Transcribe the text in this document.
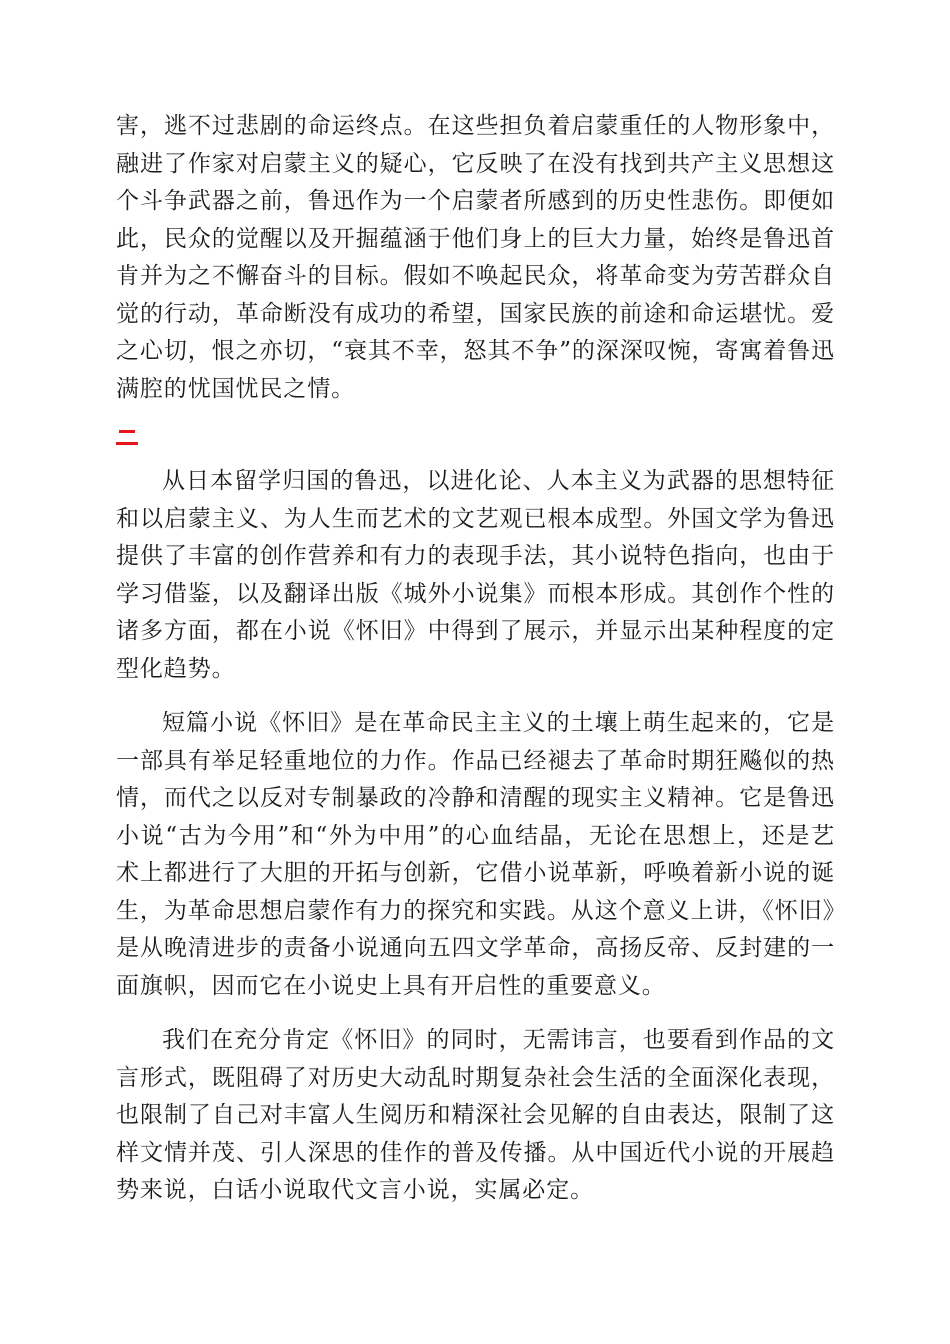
害，逃不过悲剧的命运终点。在这些担负着启蒙重任的人物形象中，融进了作家对启蒙主义的疑心，它反映了在没有找到共产主义思想这个斗争武器之前，鲁迅作为一个启蒙者所感到的历史性悲伤。即便如此，民众的觉醒以及开掘蕴涵于他们身上的巨大力量，始终是鲁迅首肯并为之不懈奋斗的目标。假如不唤起民众，将革命变为劳苦群众自觉的行动，革命断没有成功的希望，国家民族的前途和命运堪忧。爱之心切，恨之亦切，“衰其不幸，怒其不争”的深深叹惋，寄寓着鲁迅满腔的忧国忧民之情。

从日本留学归国的鲁迅，以进化论、人本主义为武器的思想特征和以启蒙主义、为人生而艺术的文艺观已根本成型。外国文学为鲁迅提供了丰富的创作营养和有力的表现手法，其小说特色指向，也由于学习借鉴，以及翻译出版《城外小说集》而根本形成。其创作个性的诸多方面，都在小说《怀旧》中得到了展示，并显示出某种程度的定型化趋势。

短篇小说《怀旧》是在革命民主主义的土壤上萌生起来的，它是一部具有举足轻重地位的力作。作品已经褪去了革命时期狂飚似的热情，而代之以反对专制暴政的冷静和清醒的现实主义精神。它是鲁迅小说“古为今用”和“外为中用”的心血结晶，无论在思想上，还是艺术上都进行了大胆的开拓与创新，它借小说革新，呼唤着新小说的诞生，为革命思想启蒙作有力的探究和实践。从这个意义上讲，《怀旧》是从晚清进步的责备小说通向五四文学革命，高扬反帝、反封建的一面旗帜，因而它在小说史上具有开启性的重要意义。

我们在充分肯定《怀旧》的同时，无需讳言，也要看到作品的文言形式，既阻碍了对历史大动乱时期复杂社会生活的全面深化表现，也限制了自己对丰富人生阅历和精深社会见解的自由表达，限制了这样文情并茂、引人深思的佳作的普及传播。从中国近代小说的开展趋势来说，白话小说取代文言小说，实属必定。
